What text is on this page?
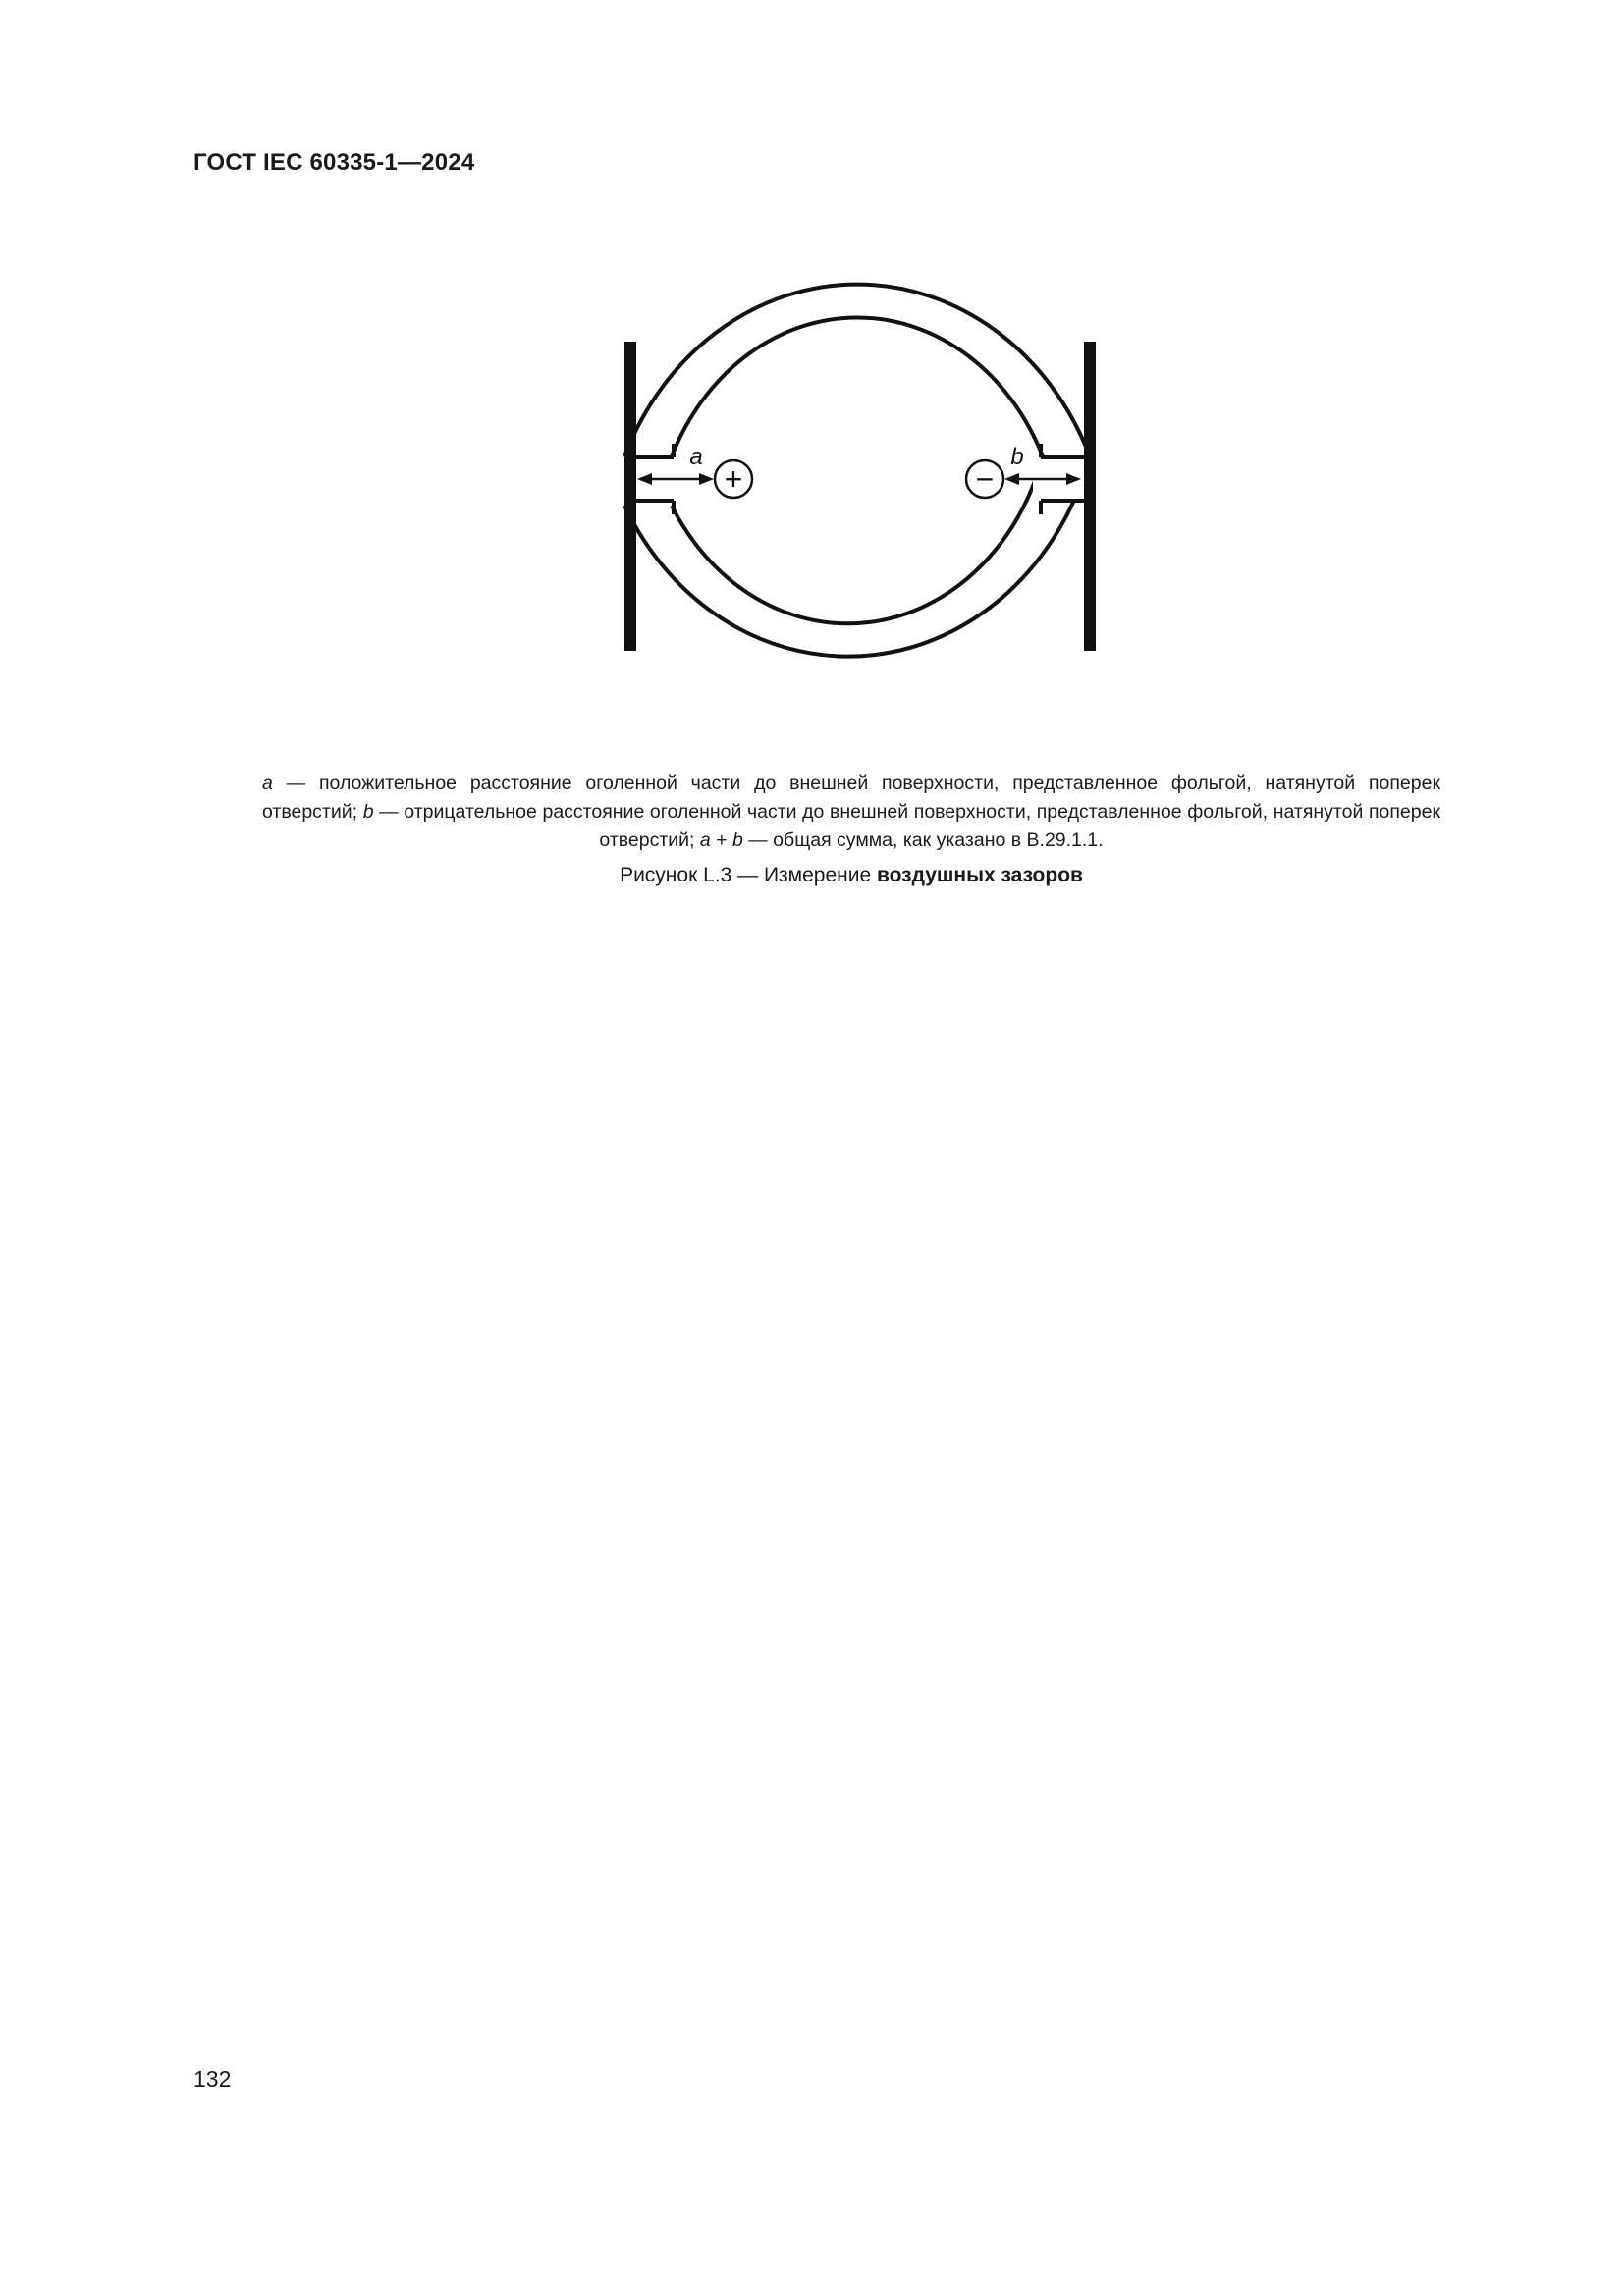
ГОСТ IEC 60335-1—2024
+
a
−
b
a — положительное расстояние оголенной части до внешней поверхности, представленное фольгой, натянутой поперек отверстий; b — отрицательное расстояние оголенной части до внешней поверхности, представленное фольгой, натянутой поперек отверстий; a + b — общая сумма, как указано в B.29.1.1.
Рисунок L.3 — Измерение воздушных зазоров
132
